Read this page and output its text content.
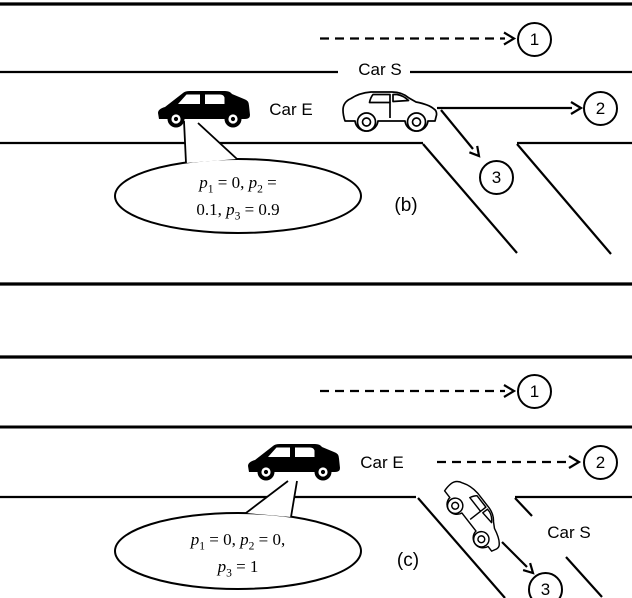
Car S
Car E
(b)
1
2
3
$p_1 = 0$, $p_2$ =
0.1, $p_3 = 0.9$
Car E
Car S
(c)
1
2
3
$p_1 = 0$, $p_2 = 0$,
$p_3 = 1$
